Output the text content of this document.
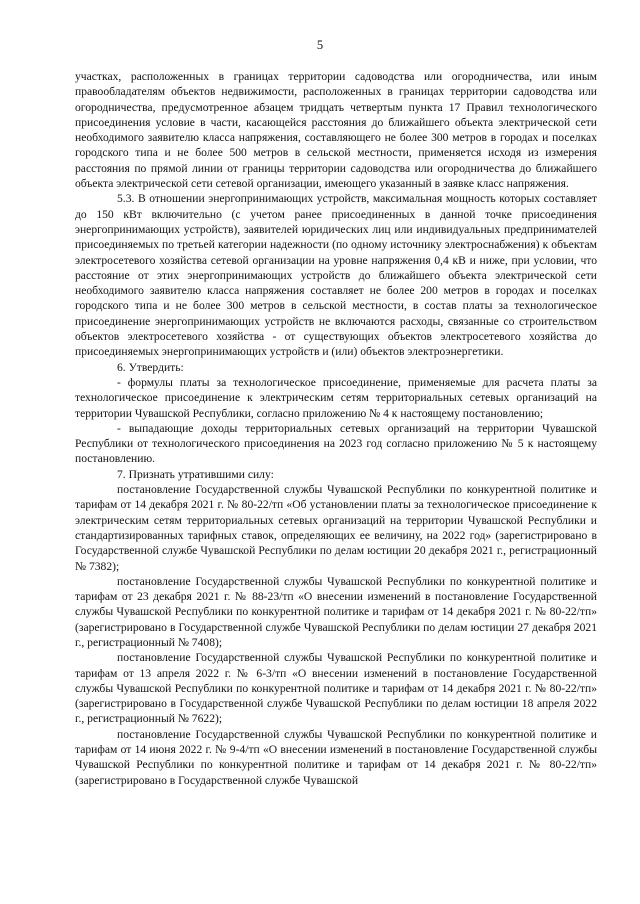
5

участках, расположенных в границах территории садоводства или огородничества, или иным правообладателям объектов недвижимости, расположенных в границах территории садоводства или огородничества, предусмотренное абзацем тридцать четвертым пункта 17 Правил технологического присоединения условие в части, касающейся расстояния до ближайшего объекта электрической сети необходимого заявителю класса напряжения, составляющего не более 300 метров в городах и поселках городского типа и не более 500 метров в сельской местности, применяется исходя из измерения расстояния по прямой линии от границы территории садоводства или огородничества до ближайшего объекта электрической сети сетевой организации, имеющего указанный в заявке класс напряжения.

5.3. В отношении энергопринимающих устройств, максимальная мощность которых составляет до 150 кВт включительно (с учетом ранее присоединенных в данной точке присоединения энергопринимающих устройств), заявителей юридических лиц или индивидуальных предпринимателей присоединяемых по третьей категории надежности (по одному источнику электроснабжения) к объектам электросетевого хозяйства сетевой организации на уровне напряжения 0,4 кВ и ниже, при условии, что расстояние от этих энергопринимающих устройств до ближайшего объекта электрической сети необходимого заявителю класса напряжения составляет не более 200 метров в городах и поселках городского типа и не более 300 метров в сельской местности, в состав платы за технологическое присоединение энергопринимающих устройств не включаются расходы, связанные со строительством объектов электросетевого хозяйства - от существующих объектов электросетевого хозяйства до присоединяемых энергопринимающих устройств и (или) объектов электроэнергетики.

6. Утвердить:

- формулы платы за технологическое присоединение, применяемые для расчета платы за технологическое присоединение к электрическим сетям территориальных сетевых организаций на территории Чувашской Республики, согласно приложению № 4 к настоящему постановлению;

- выпадающие доходы территориальных сетевых организаций на территории Чувашской Республики от технологического присоединения на 2023 год согласно приложению № 5 к настоящему постановлению.

7. Признать утратившими силу:

постановление Государственной службы Чувашской Республики по конкурентной политике и тарифам от 14 декабря 2021 г. № 80-22/тп «Об установлении платы за технологическое присоединение к электрическим сетям территориальных сетевых организаций на территории Чувашской Республики и стандартизированных тарифных ставок, определяющих ее величину, на 2022 год» (зарегистрировано в Государственной службе Чувашской Республики по делам юстиции 20 декабря 2021 г., регистрационный № 7382);

постановление Государственной службы Чувашской Республики по конкурентной политике и тарифам от 23 декабря 2021 г. № 88-23/тп «О внесении изменений в постановление Государственной службы Чувашской Республики по конкурентной политике и тарифам от 14 декабря 2021 г. № 80-22/тп» (зарегистрировано в Государственной службе Чувашской Республики по делам юстиции 27 декабря 2021 г., регистрационный № 7408);

постановление Государственной службы Чувашской Республики по конкурентной политике и тарифам от 13 апреля 2022 г. № 6-3/тп «О внесении изменений в постановление Государственной службы Чувашской Республики по конкурентной политике и тарифам от 14 декабря 2021 г. № 80-22/тп» (зарегистрировано в Государственной службе Чувашской Республики по делам юстиции 18 апреля 2022 г., регистрационный № 7622);

постановление Государственной службы Чувашской Республики по конкурентной политике и тарифам от 14 июня 2022 г. № 9-4/тп «О внесении изменений в постановление Государственной службы Чувашской Республики по конкурентной политике и тарифам от 14 декабря 2021 г. № 80-22/тп» (зарегистрировано в Государственной службе Чувашской
